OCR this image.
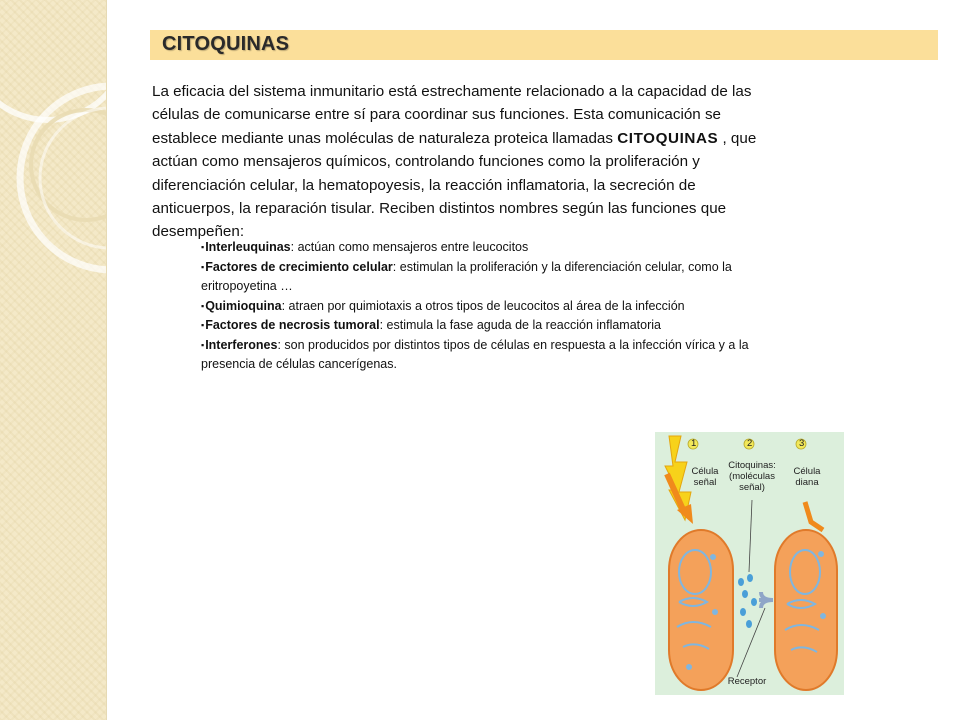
CITOQUINAS
La eficacia del sistema inmunitario está estrechamente relacionado a la capacidad de las células de comunicarse entre sí para coordinar sus funciones. Esta comunicación se establece mediante unas moléculas de naturaleza proteica llamadas CITOQUINAS , que actúan como mensajeros químicos, controlando funciones como la proliferación y diferenciación celular, la hematopoyesis, la reacción inflamatoria, la secreción de anticuerpos, la reparación tisular. Reciben distintos nombres según las funciones que desempeñen:
▪Interleuquinas: actúan como mensajeros entre leucocitos
▪Factores de crecimiento celular: estimulan la proliferación y la diferenciación celular, como la eritropoyetina …
▪Quimioquina: atraen por quimiotaxis a otros tipos de leucocitos al área de la infección
▪Factores de necrosis tumoral: estimula la fase aguda de la reacción inflamatoria
▪Interferones: son producidos por distintos tipos de células en respuesta a la infección vírica y a la presencia de células cancerígenas.
1	2	3
Célula
señal
Citoquinas:
(moléculas
señal)
Célula
diana
Receptor
